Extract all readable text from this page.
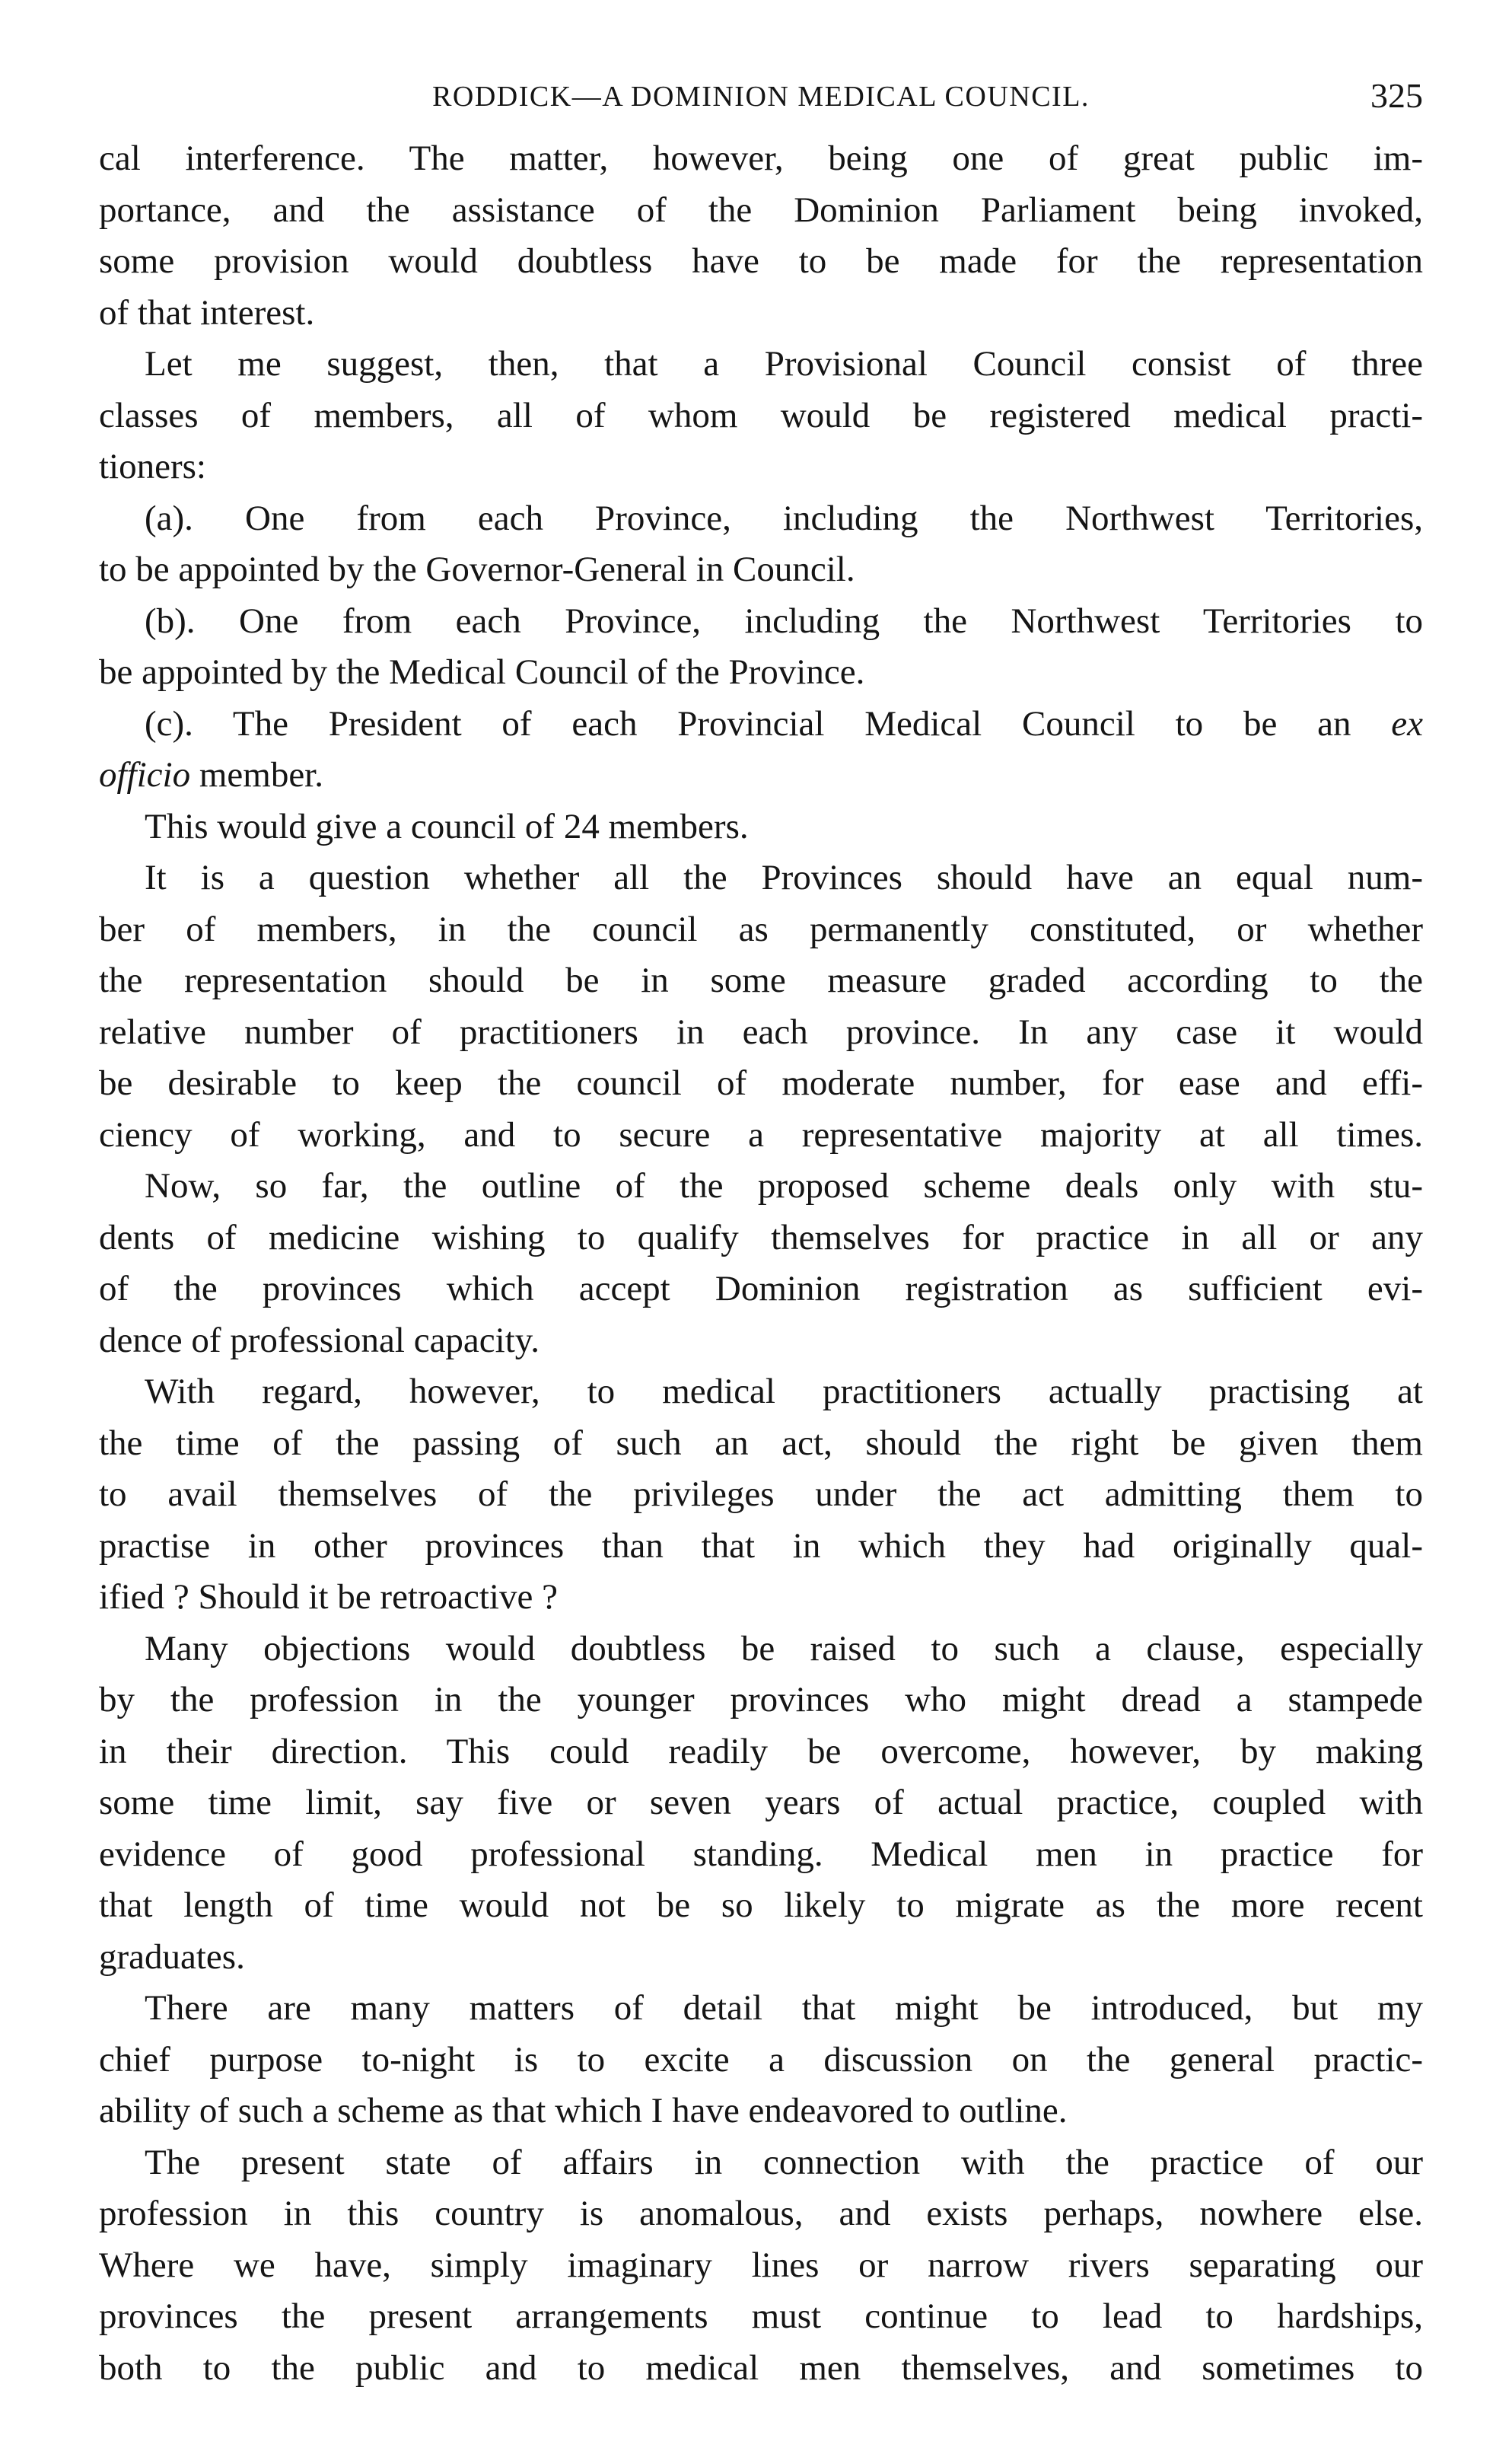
RODDICK—A DOMINION MEDICAL COUNCIL.	325

cal interference. The matter, however, being one of great public im-
portance, and the assistance of the Dominion Parliament being invoked,
some provision would doubtless have to be made for the representation
of that interest.

Let me suggest, then, that a Provisional Council consist of three
classes of members, all of whom would be registered medical practi-
tioners:

(a). One from each Province, including the Northwest Territories,
to be appointed by the Governor-General in Council.

(b). One from each Province, including the Northwest Territories to
be appointed by the Medical Council of the Province.

(c). The President of each Provincial Medical Council to be an ex
officio member.

This would give a council of 24 members.

It is a question whether all the Provinces should have an equal num-
ber of members, in the council as permanently constituted, or whether
the representation should be in some measure graded according to the
relative number of practitioners in each province. In any case it would
be desirable to keep the council of moderate number, for ease and effi-
ciency of working, and to secure a representative majority at all times.

Now, so far, the outline of the proposed scheme deals only with stu-
dents of medicine wishing to qualify themselves for practice in all or any
of the provinces which accept Dominion registration as sufficient evi-
dence of professional capacity.

With regard, however, to medical practitioners actually practising at
the time of the passing of such an act, should the right be given them
to avail themselves of the privileges under the act admitting them to
practise in other provinces than that in which they had originally qual-
ified ? Should it be retroactive ?

Many objections would doubtless be raised to such a clause, especially
by the profession in the younger provinces who might dread a stampede
in their direction. This could readily be overcome, however, by making
some time limit, say five or seven years of actual practice, coupled with
evidence of good professional standing. Medical men in practice for
that length of time would not be so likely to migrate as the more recent
graduates.

There are many matters of detail that might be introduced, but my
chief purpose to-night is to excite a discussion on the general practic-
ability of such a scheme as that which I have endeavored to outline.

The present state of affairs in connection with the practice of our
profession in this country is anomalous, and exists perhaps, nowhere else.
Where we have, simply imaginary lines or narrow rivers separating our
provinces the present arrangements must continue to lead to hardships,
both to the public and to medical men themselves, and sometimes to
